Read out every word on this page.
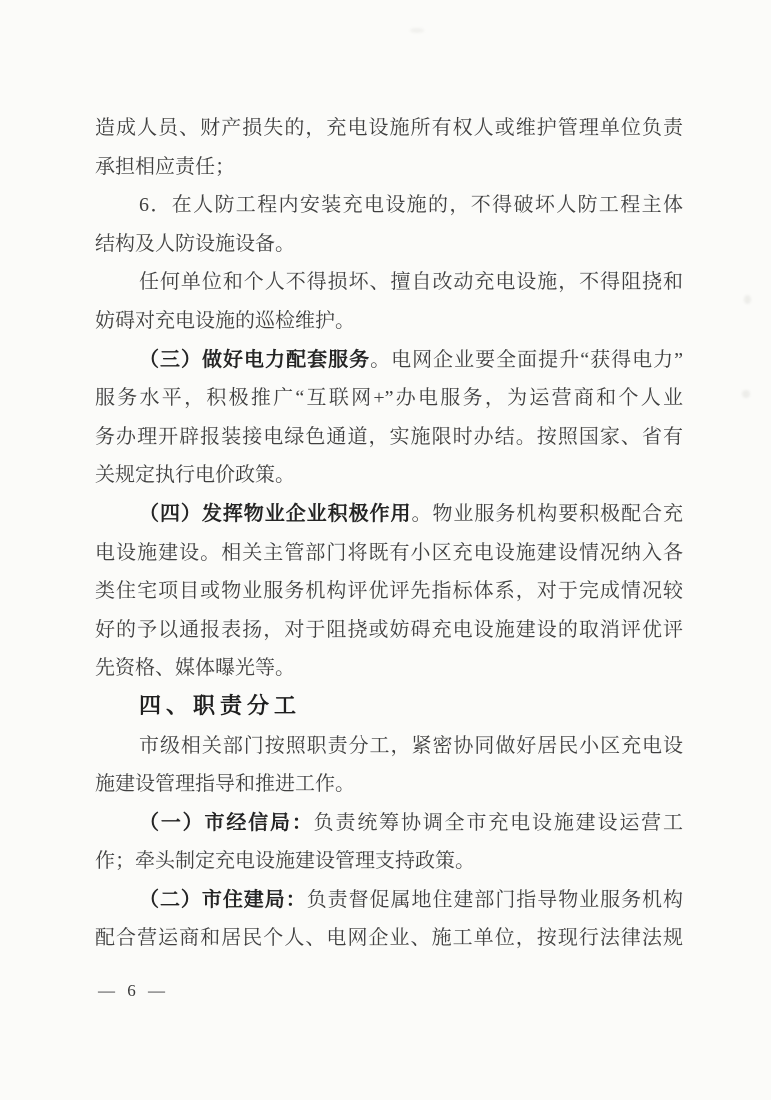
造成人员、财产损失的，充电设施所有权人或维护管理单位负责
承担相应责任；
6．在人防工程内安装充电设施的，不得破坏人防工程主体
结构及人防设施设备。
任何单位和个人不得损坏、擅自改动充电设施，不得阻挠和
妨碍对充电设施的巡检维护。
（三）做好电力配套服务。电网企业要全面提升“获得电力”
服务水平，积极推广“互联网+”办电服务，为运营商和个人业
务办理开辟报装接电绿色通道，实施限时办结。按照国家、省有
关规定执行电价政策。
（四）发挥物业企业积极作用。物业服务机构要积极配合充
电设施建设。相关主管部门将既有小区充电设施建设情况纳入各
类住宅项目或物业服务机构评优评先指标体系，对于完成情况较
好的予以通报表扬，对于阻挠或妨碍充电设施建设的取消评优评
先资格、媒体曝光等。
四、职责分工
市级相关部门按照职责分工，紧密协同做好居民小区充电设
施建设管理指导和推进工作。
（一）市经信局：负责统筹协调全市充电设施建设运营工
作；牵头制定充电设施建设管理支持政策。
（二）市住建局：负责督促属地住建部门指导物业服务机构
配合营运商和居民个人、电网企业、施工单位，按现行法律法规
— 6 —
